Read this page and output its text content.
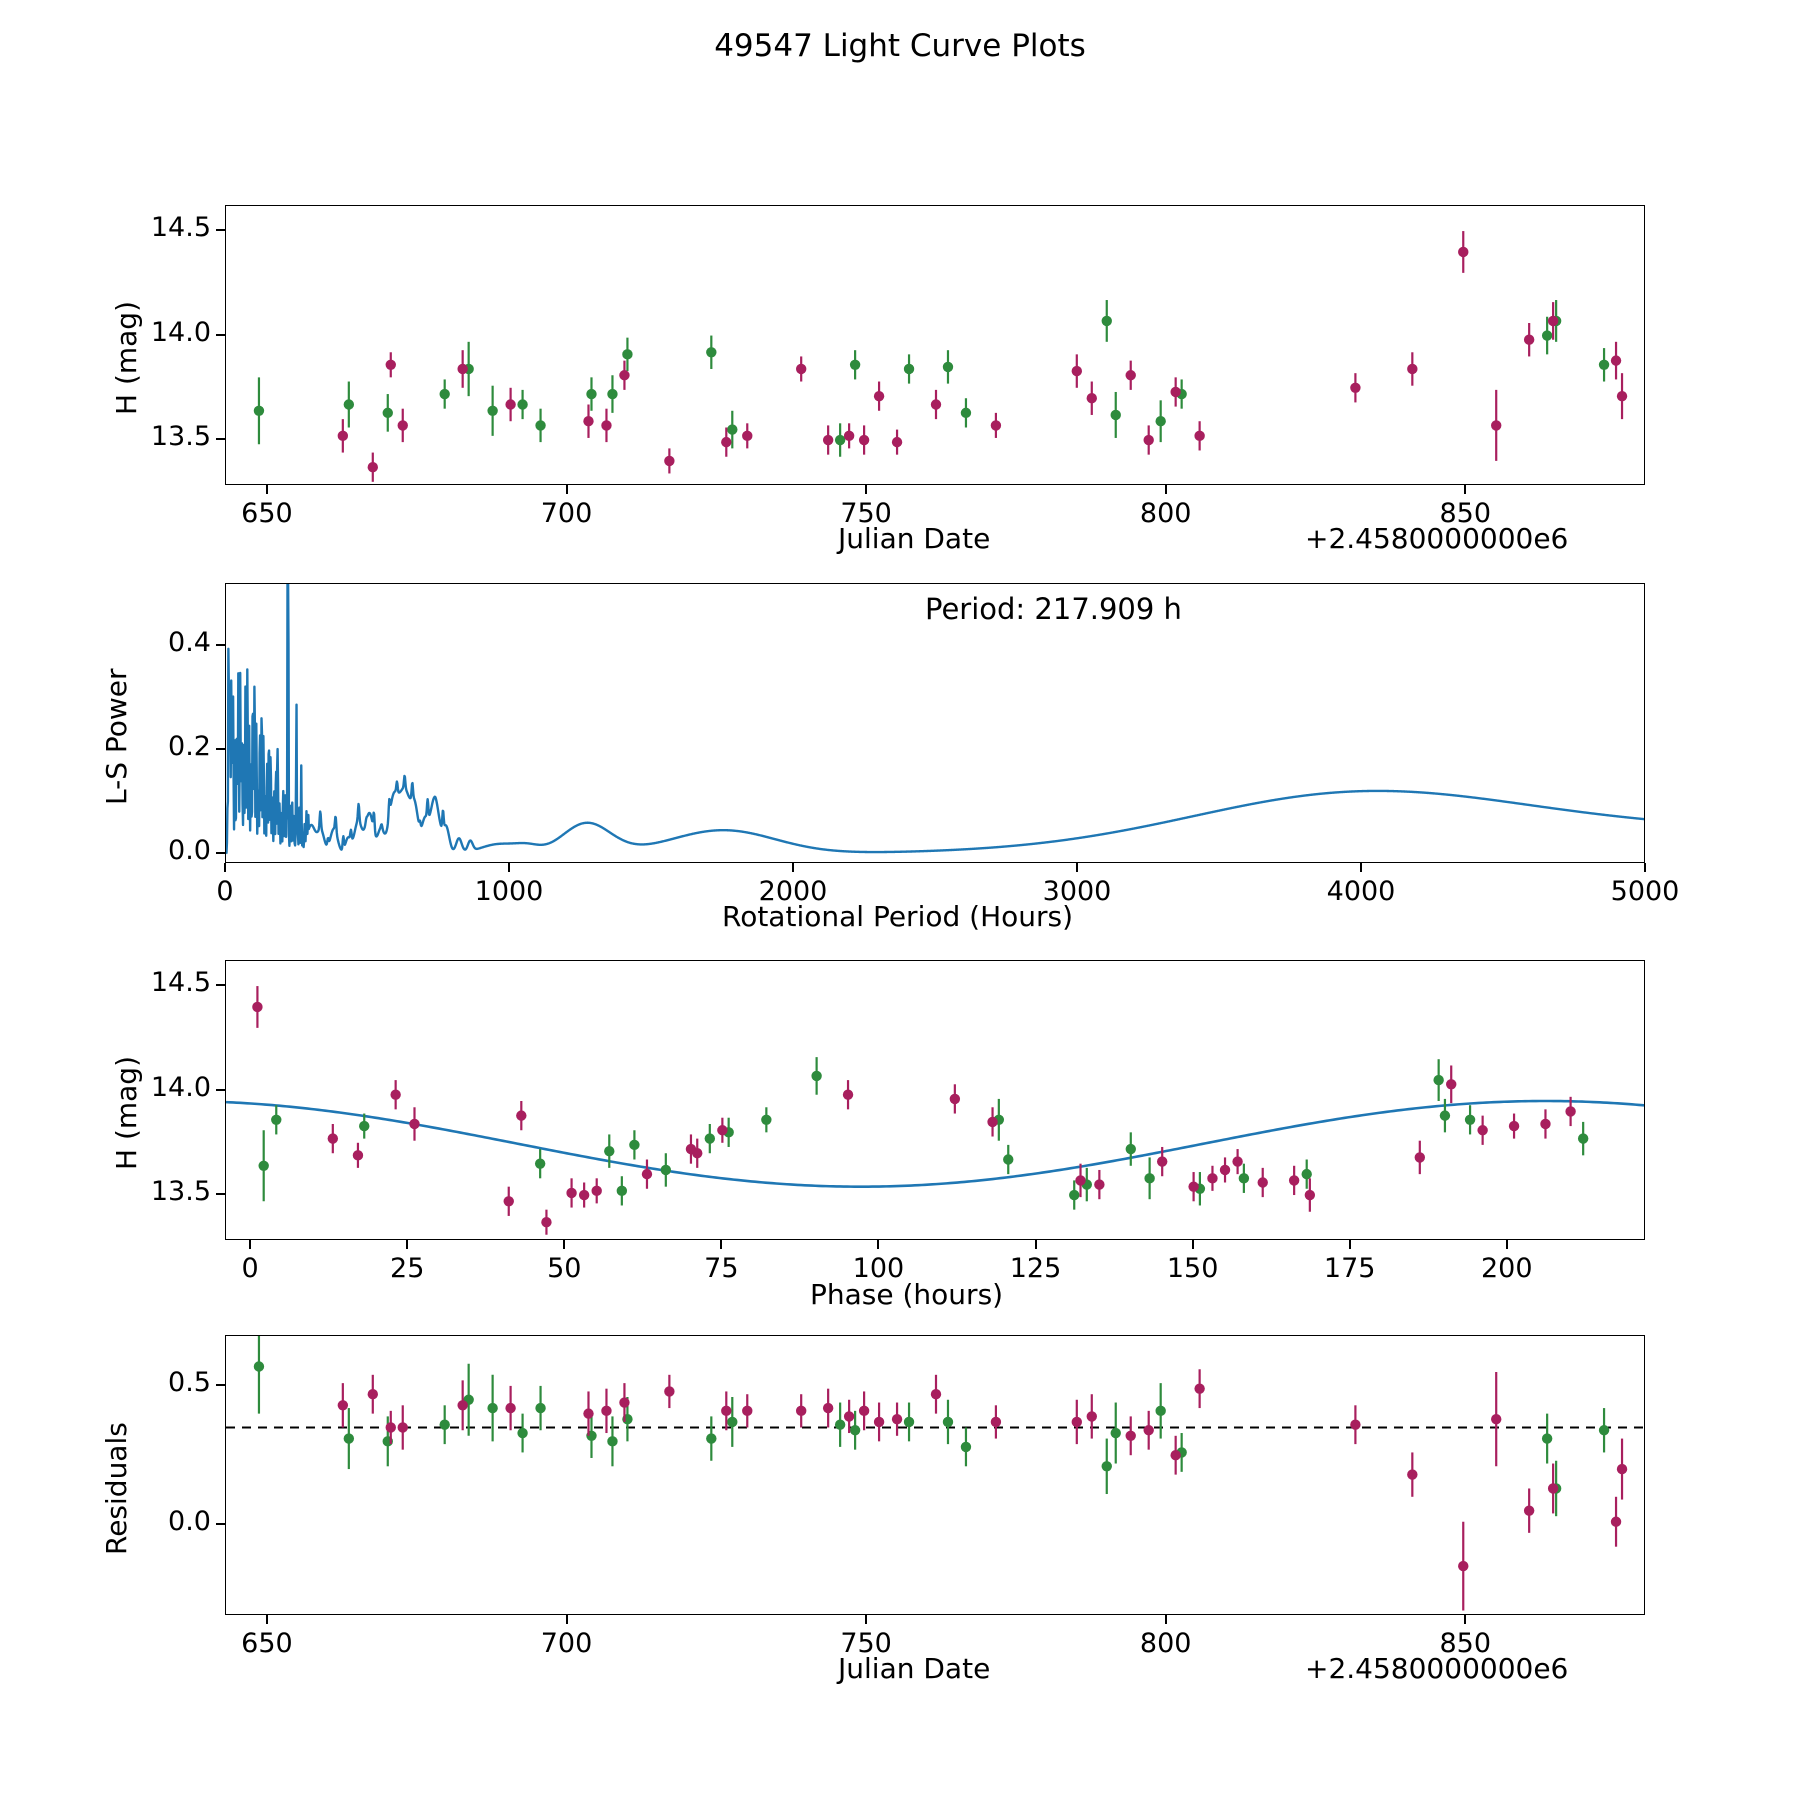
49547 Light Curve Plots
H (mag)
Julian Date	+2.4580000000e6
L-S Power
Period: 217.909 h
Rotational Period (Hours)
H (mag)
Phase (hours)
Residuals
Julian Date	+2.4580000000e6
650	700	750	800	850
14.5
14.0
13.5
0	1000	2000	3000	4000	5000
0.0
0.2
0.4
0	25	50	75	100	125	150	175	200
14.5
14.0
13.5
650	700	750	800	850
0.0
0.5
